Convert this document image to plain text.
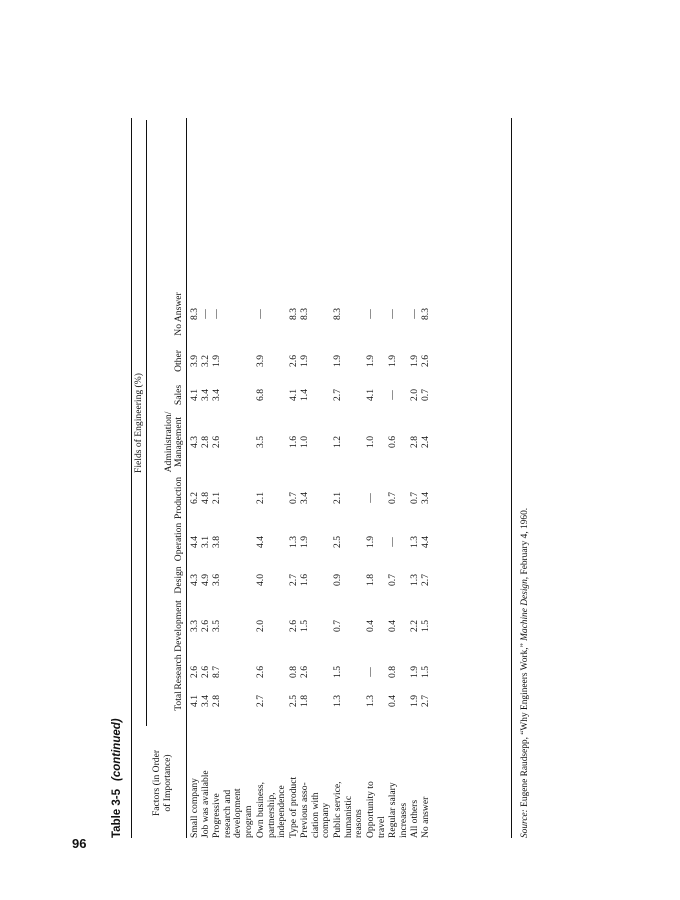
96
Table 3-5(continued)
Fields of Engineering (%)
Factors (in Order of Importance)
Total
Research
Development
Design
Operation
Production
Administration/ Management
Sales
Other
No Answer
Small company
4.1
2.6
3.3
4.3
4.4
6.2
4.3
4.1
3.9
8.3
Job was available
3.4
2.6
2.6
4.9
3.1
4.8
2.8
3.4
3.2
—
Progressive research and development program
2.8
8.7
3.5
3.6
3.8
2.1
2.6
3.4
1.9
—
Own business, partnership, independence
2.7
2.6
2.0
4.0
4.4
2.1
3.5
6.8
3.9
—
Type of product
2.5
0.8
2.6
2.7
1.3
0.7
1.6
4.1
2.6
8.3
Previous asso- ciation with company
1.8
2.6
1.5
1.6
1.9
3.4
1.0
1.4
1.9
8.3
Public service, humanistic reasons
1.3
1.5
0.7
0.9
2.5
2.1
1.2
2.7
1.9
8.3
Opportunity to travel
1.3
—
0.4
1.8
1.9
—
1.0
4.1
1.9
—
Regular salary increases
0.4
0.8
0.4
0.7
—
0.7
0.6
—
1.9
—
All others
1.9
1.9
2.2
1.3
1.3
0.7
2.8
2.0
1.9
—
No answer
2.7
1.5
1.5
2.7
4.4
3.4
2.4
0.7
2.6
8.3
Source: Eugene Raudsepp, “Why Engineers Work,” Machine Design, February 4, 1960.
